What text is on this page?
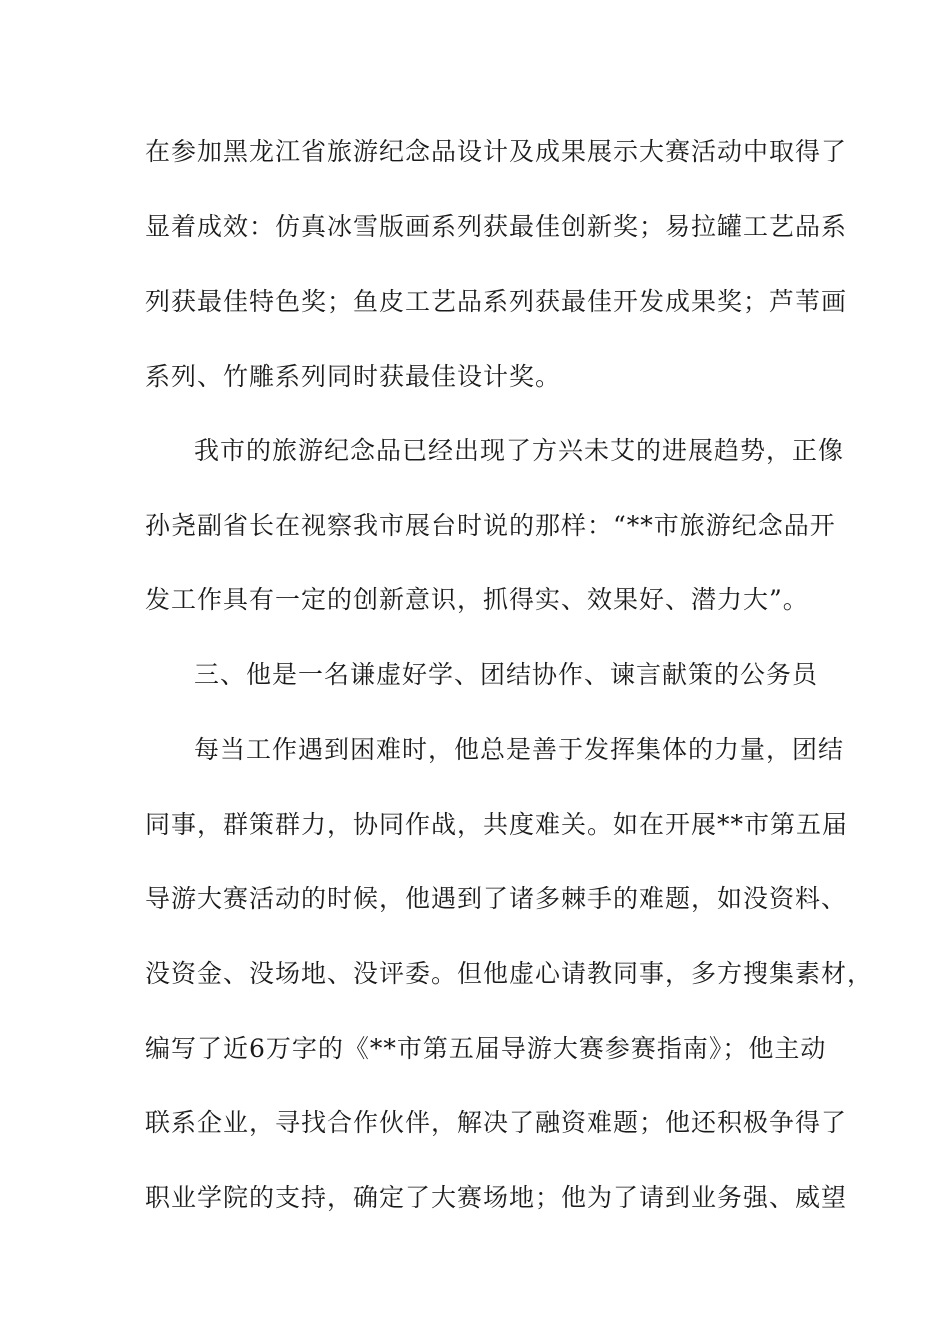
在参加黑龙江省旅游纪念品设计及成果展示大赛活动中取得了
显着成效：仿真冰雪版画系列获最佳创新奖；易拉罐工艺品系
列获最佳特色奖；鱼皮工艺品系列获最佳开发成果奖；芦苇画
系列、竹雕系列同时获最佳设计奖。
我市的旅游纪念品已经出现了方兴未艾的进展趋势，正像
孙尧副省长在视察我市展台时说的那样：“**市旅游纪念品开
发工作具有一定的创新意识，抓得实、效果好、潜力大”。
三、他是一名谦虚好学、团结协作、谏言献策的公务员
每当工作遇到困难时，他总是善于发挥集体的力量，团结
同事，群策群力，协同作战，共度难关。如在开展**市第五届
导游大赛活动的时候，他遇到了诸多棘手的难题，如没资料、
没资金、没场地、没评委。但他虚心请教同事，多方搜集素材，
编写了近6万字的《**市第五届导游大赛参赛指南》；他主动
联系企业，寻找合作伙伴，解决了融资难题；他还积极争得了
职业学院的支持，确定了大赛场地；他为了请到业务强、威望
